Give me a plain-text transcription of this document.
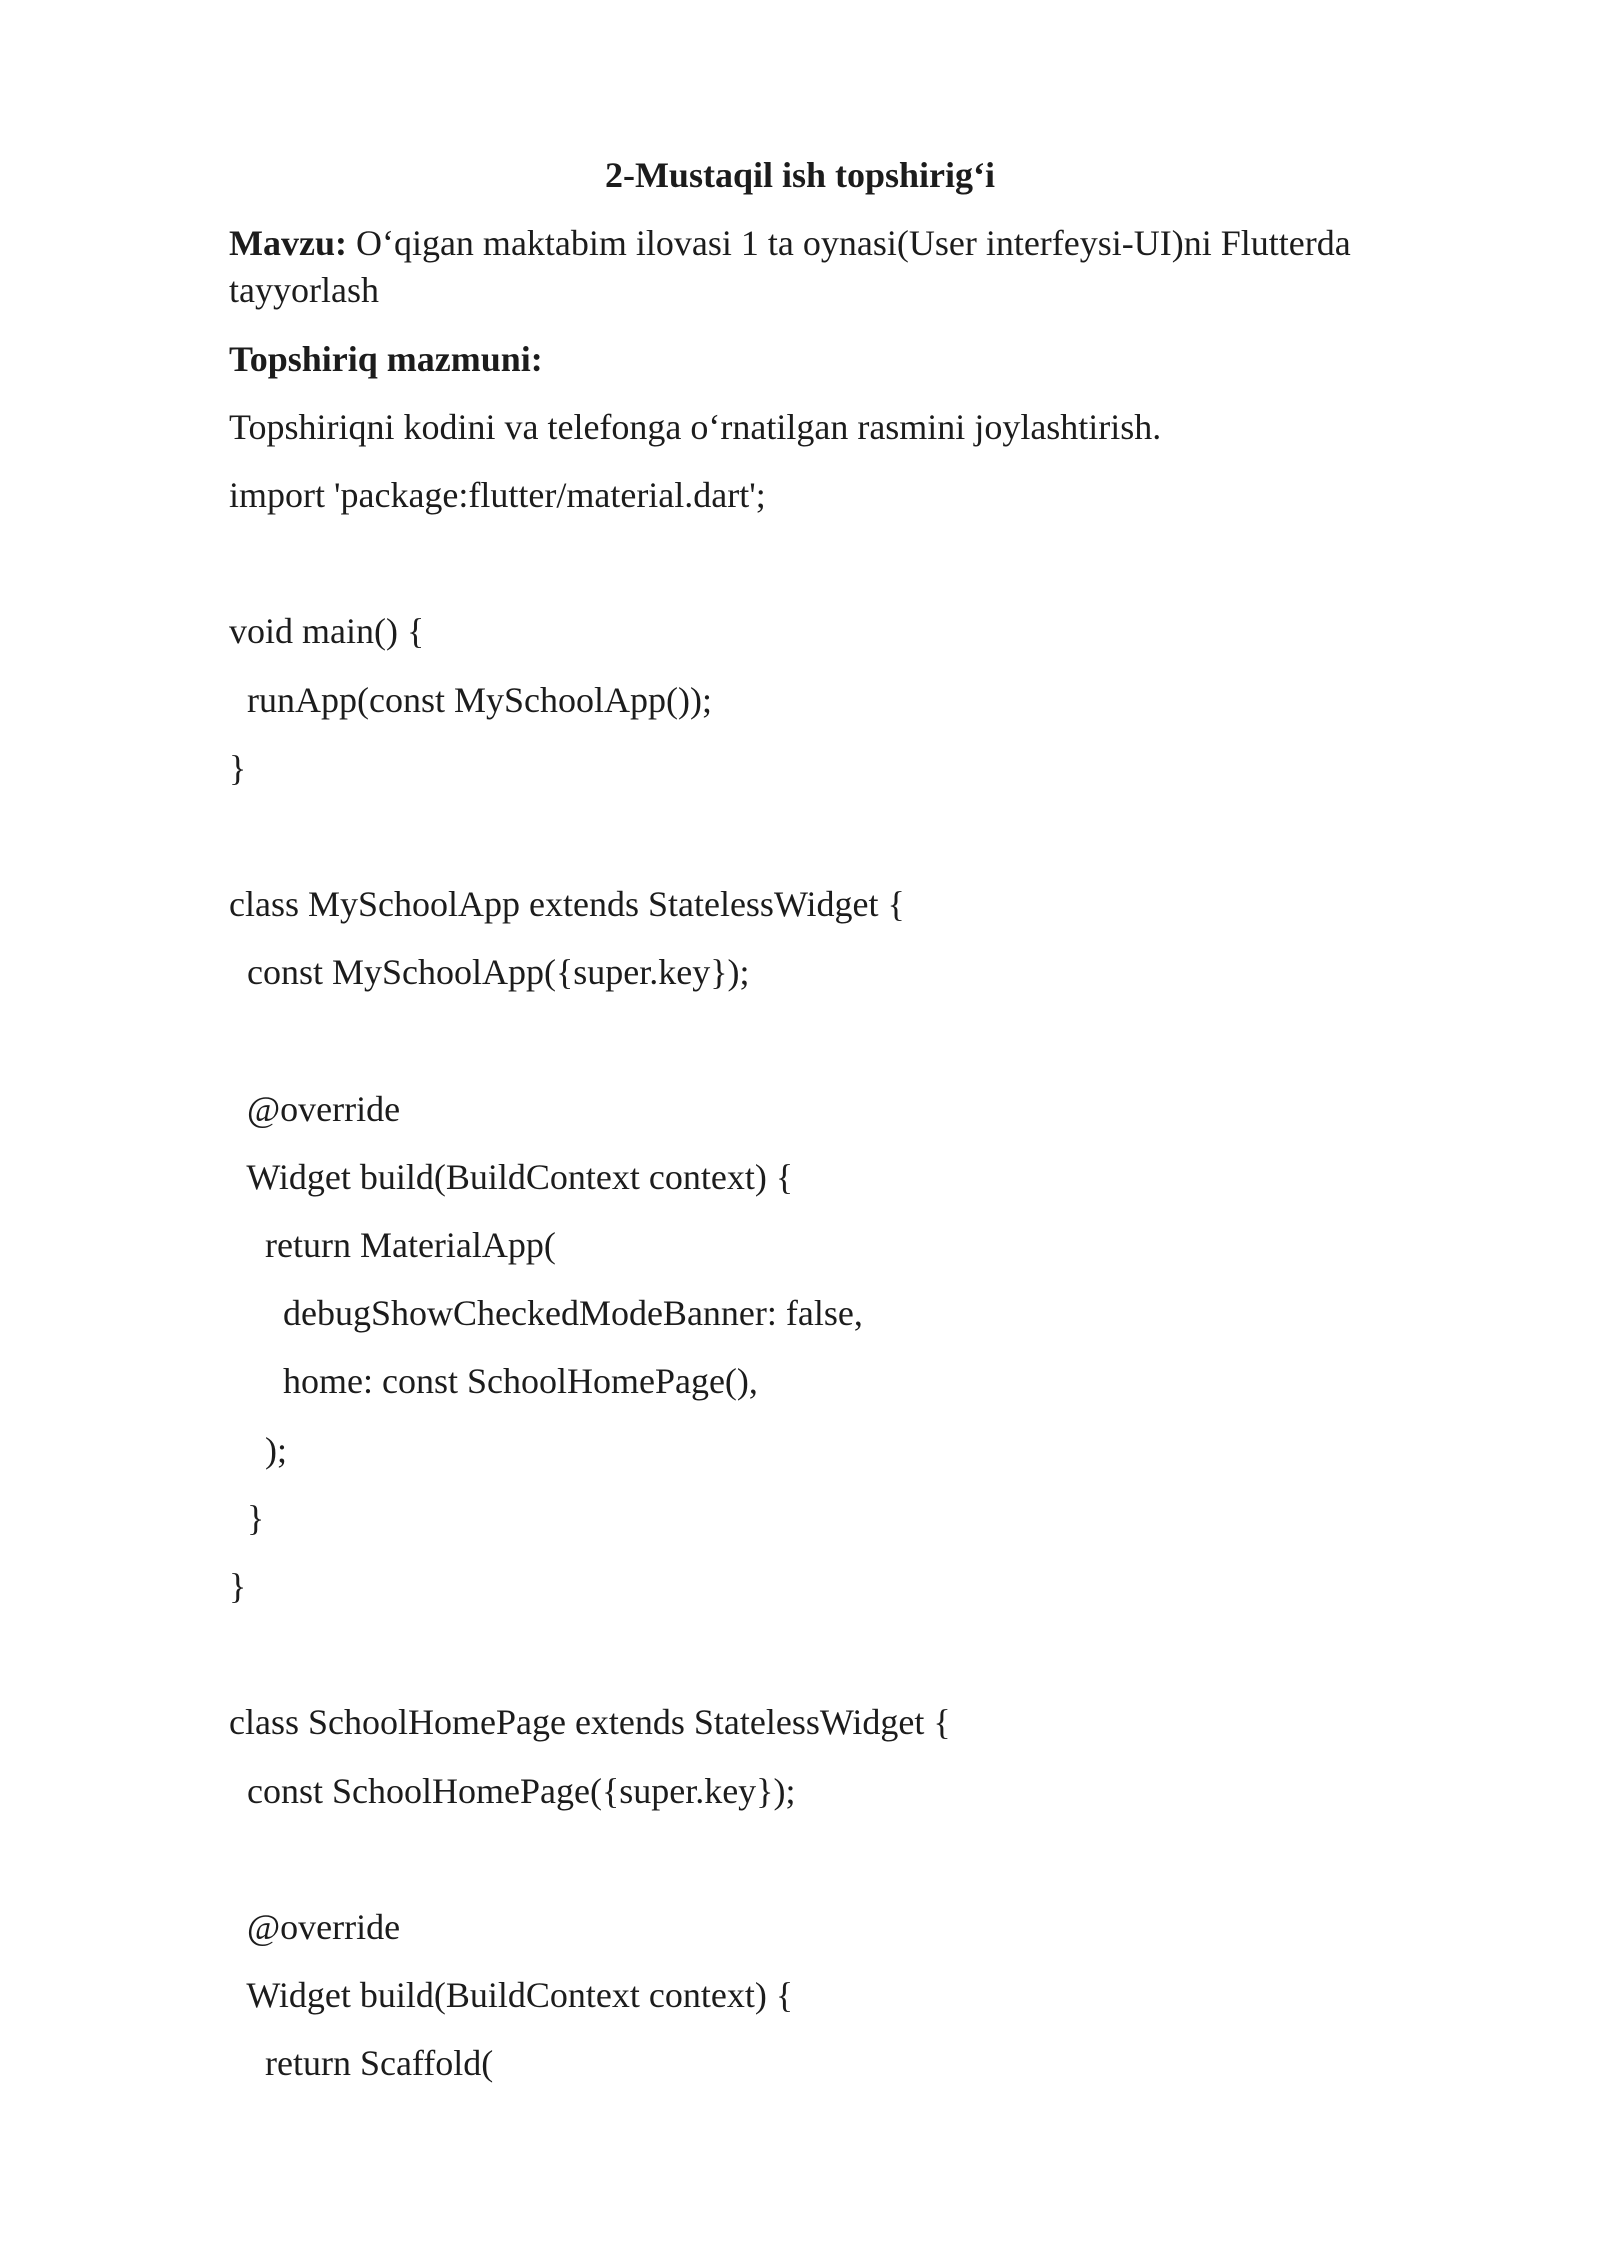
2-Mustaqil ish topshirig‘i
Mavzu: O‘qigan maktabim ilovasi 1 ta oynasi(User interfeysi-UI)ni Flutterda tayyorlash
Topshiriq mazmuni:
Topshiriqni kodini va telefonga o‘rnatilgan rasmini joylashtirish.
import 'package:flutter/material.dart';
void main() {
runApp(const MySchoolApp());
}
class MySchoolApp extends StatelessWidget {
const MySchoolApp({super.key});
@override
Widget build(BuildContext context) {
return MaterialApp(
debugShowCheckedModeBanner: false,
home: const SchoolHomePage(),
);
}
}
class SchoolHomePage extends StatelessWidget {
const SchoolHomePage({super.key});
@override
Widget build(BuildContext context) {
return Scaffold(
